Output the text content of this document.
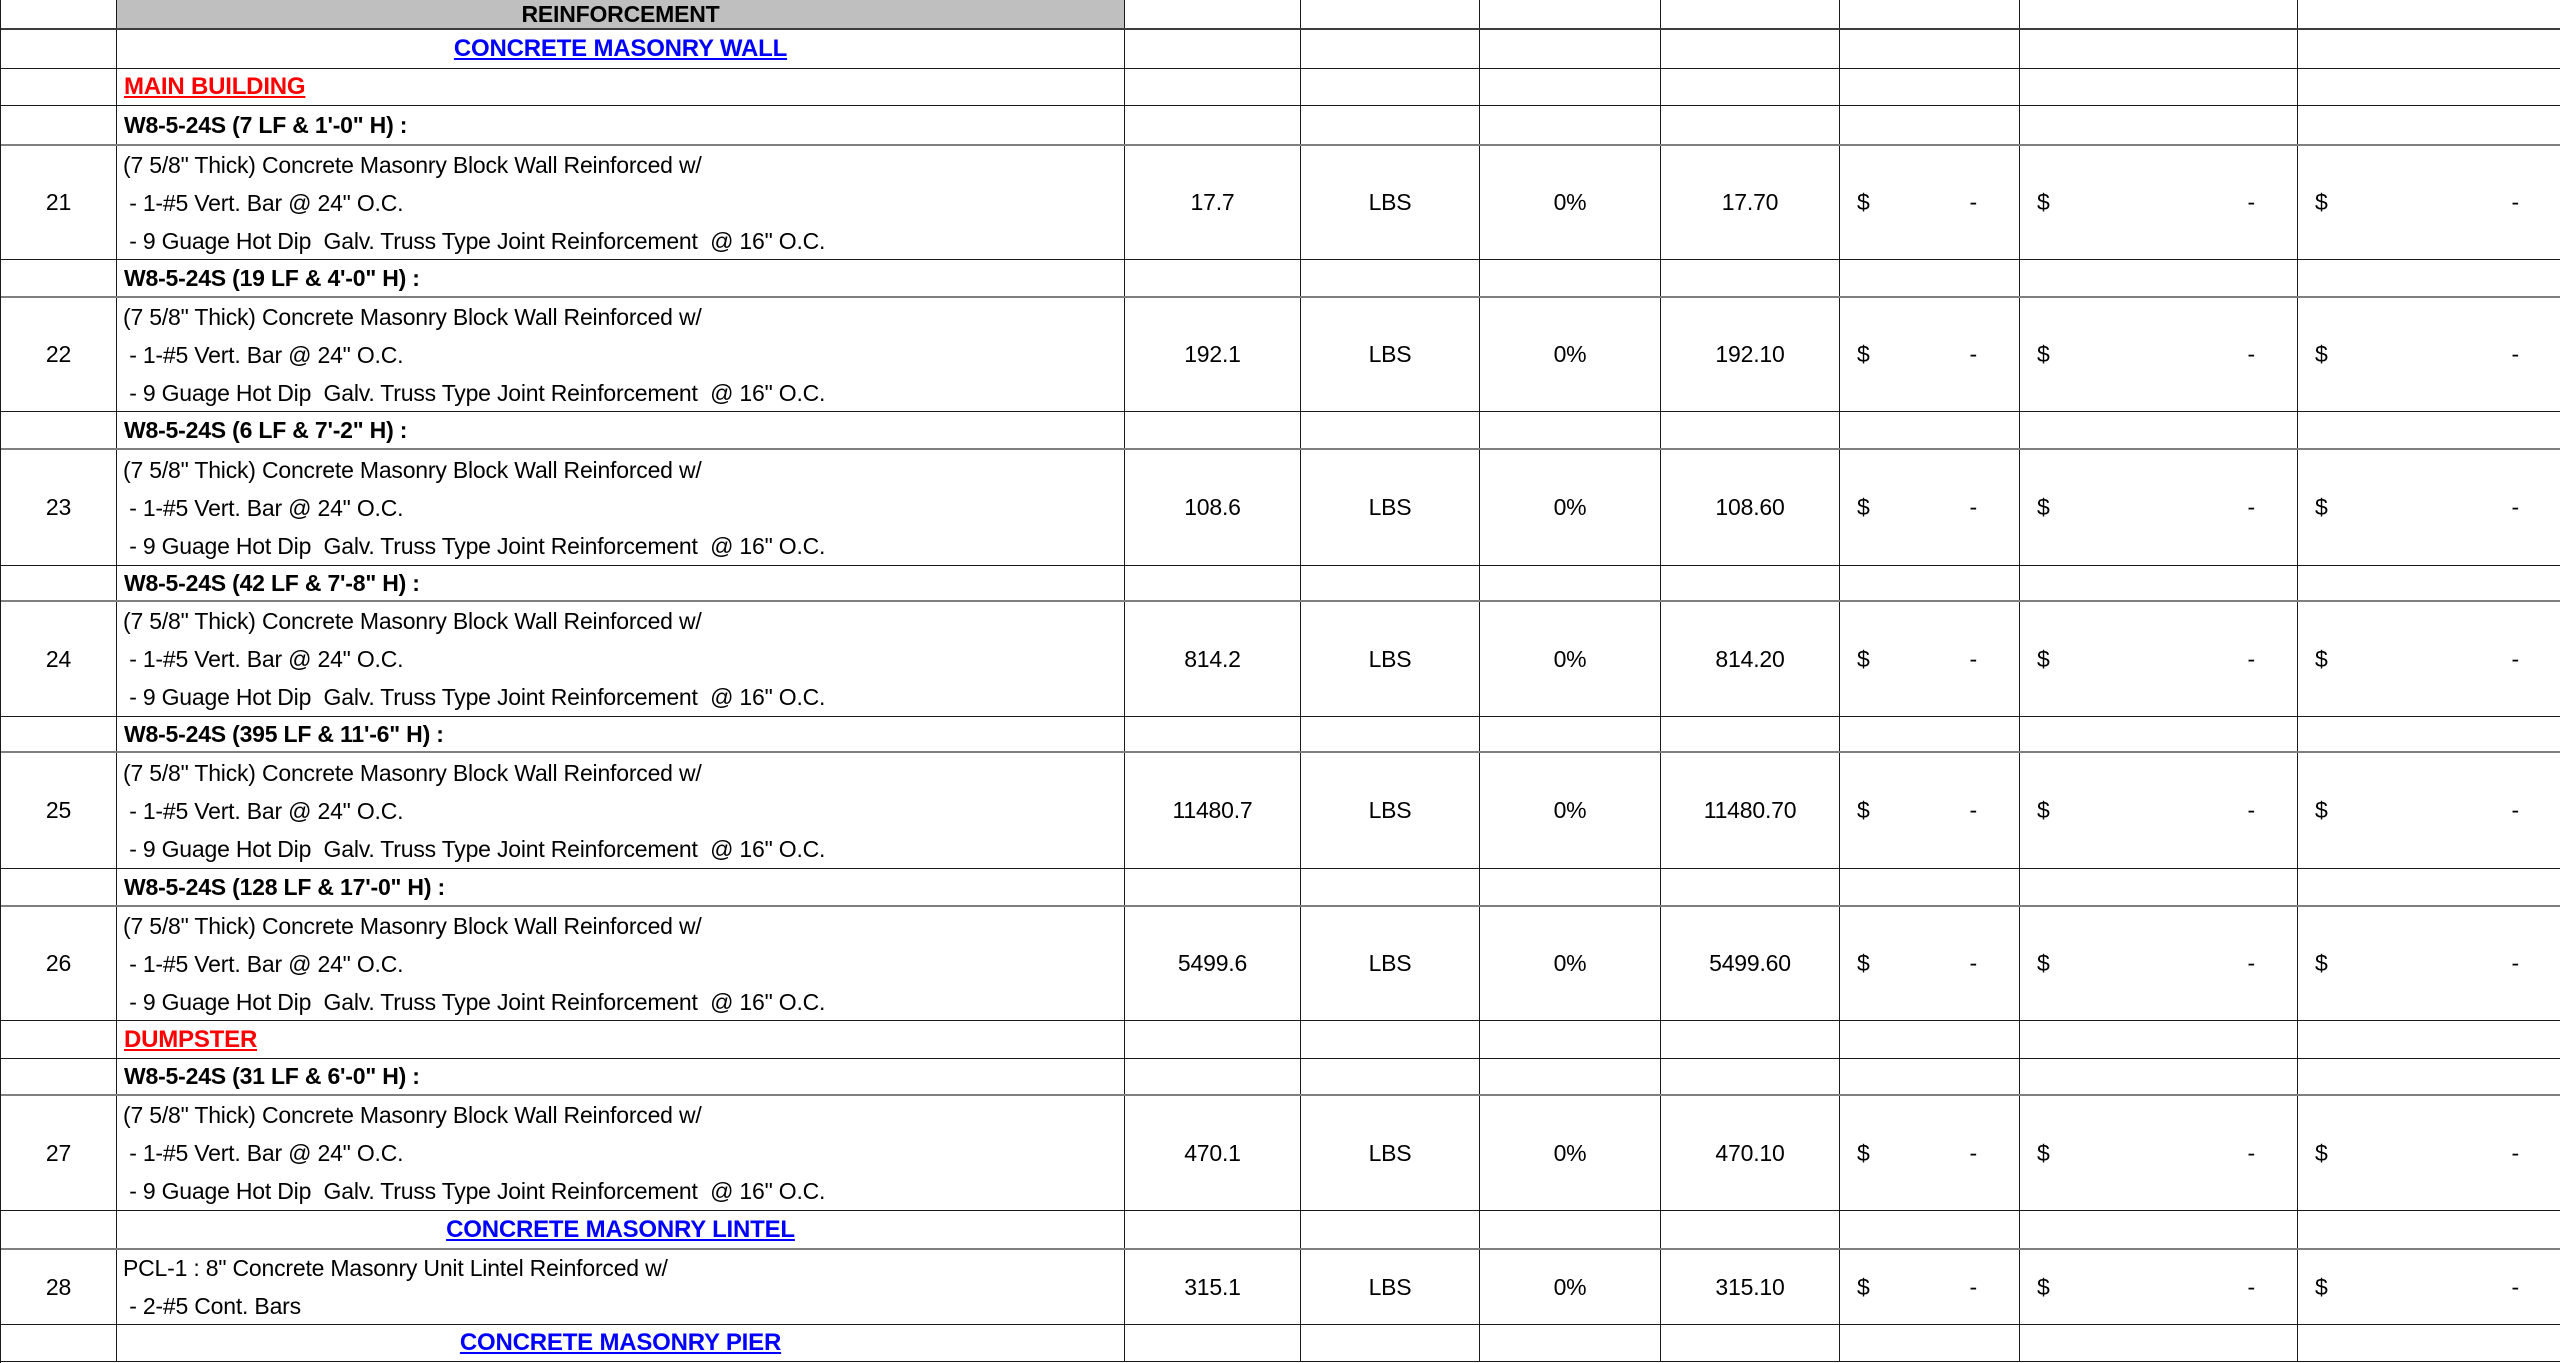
REINFORCEMENT
CONCRETE MASONRY WALL
MAIN BUILDING
W8-5-24S (7 LF & 1'-0" H) :
21
(7 5/8" Thick) Concrete Masonry Block Wall Reinforced w/
- 1-#5 Vert. Bar @ 24" O.C.
- 9 Guage Hot Dip  Galv. Truss Type Joint Reinforcement  @ 16" O.C.
17.7	LBS	0%	17.70	$	-	$	-	$	-
W8-5-24S (19 LF & 4'-0" H) :
22
(7 5/8" Thick) Concrete Masonry Block Wall Reinforced w/
- 1-#5 Vert. Bar @ 24" O.C.
- 9 Guage Hot Dip  Galv. Truss Type Joint Reinforcement  @ 16" O.C.
192.1	LBS	0%	192.10	$	-	$	-	$	-
W8-5-24S (6 LF & 7'-2" H) :
23
(7 5/8" Thick) Concrete Masonry Block Wall Reinforced w/
- 1-#5 Vert. Bar @ 24" O.C.
- 9 Guage Hot Dip  Galv. Truss Type Joint Reinforcement  @ 16" O.C.
108.6	LBS	0%	108.60	$	-	$	-	$	-
W8-5-24S (42 LF & 7'-8" H) :
24
(7 5/8" Thick) Concrete Masonry Block Wall Reinforced w/
- 1-#5 Vert. Bar @ 24" O.C.
- 9 Guage Hot Dip  Galv. Truss Type Joint Reinforcement  @ 16" O.C.
814.2	LBS	0%	814.20	$	-	$	-	$	-
W8-5-24S (395 LF & 11'-6" H) :
25
(7 5/8" Thick) Concrete Masonry Block Wall Reinforced w/
- 1-#5 Vert. Bar @ 24" O.C.
- 9 Guage Hot Dip  Galv. Truss Type Joint Reinforcement  @ 16" O.C.
11480.7	LBS	0%	11480.70	$	-	$	-	$	-
W8-5-24S (128 LF & 17'-0" H) :
26
(7 5/8" Thick) Concrete Masonry Block Wall Reinforced w/
- 1-#5 Vert. Bar @ 24" O.C.
- 9 Guage Hot Dip  Galv. Truss Type Joint Reinforcement  @ 16" O.C.
5499.6	LBS	0%	5499.60	$	-	$	-	$	-
DUMPSTER
W8-5-24S (31 LF & 6'-0" H) :
27
(7 5/8" Thick) Concrete Masonry Block Wall Reinforced w/
- 1-#5 Vert. Bar @ 24" O.C.
- 9 Guage Hot Dip  Galv. Truss Type Joint Reinforcement  @ 16" O.C.
470.1	LBS	0%	470.10	$	-	$	-	$	-
CONCRETE MASONRY LINTEL
28
PCL-1 : 8" Concrete Masonry Unit Lintel Reinforced w/
- 2-#5 Cont. Bars
315.1	LBS	0%	315.10	$	-	$	-	$	-
CONCRETE MASONRY PIER
